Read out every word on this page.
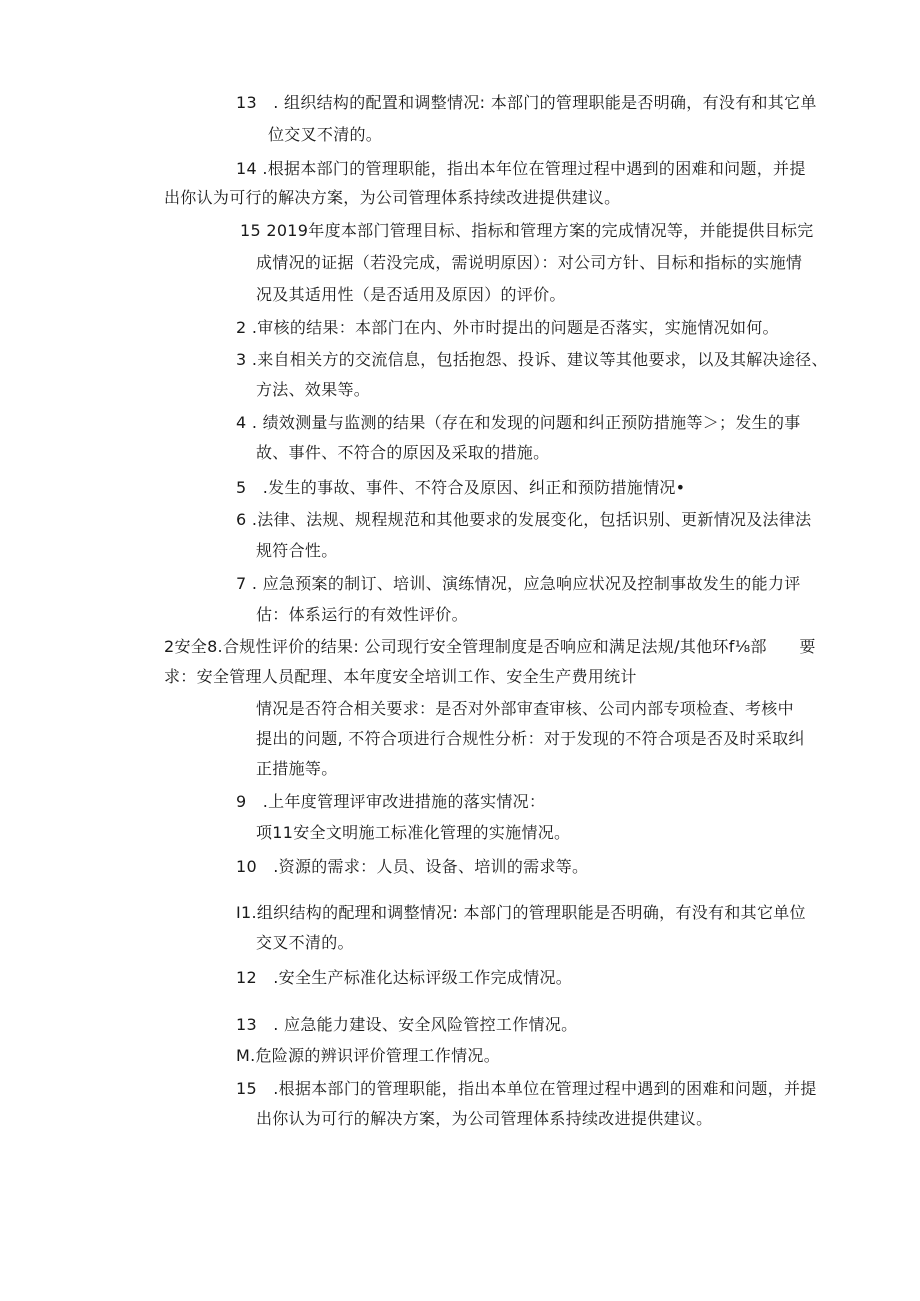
13　. 组织结构的配置和调整情况: 本部门的管理职能是否明确，有没有和其它单
位交叉不清的。
14 .根据本部门的管理职能，指出本年位在管理过程中遇到的困难和问题，并提
出你认为可行的解决方案，为公司管理体系持续改进提供建议。
15 2019年度本部门管理目标、指标和管理方案的完成情况等，并能提供目标完
成情况的证据（若没完成，需说明原因）：对公司方针、目标和指标的实施情
况及其适用性（是否适用及原因）的评价。
2 .审核的结果：本部门在内、外市时提出的问题是否落实，实施情况如何。
3 .来自相关方的交流信息，包括抱怨、投诉、建议等其他要求，以及其解决途径、
方法、效果等。
4 . 绩效测量与监测的结果（存在和发现的问题和纠正预防措施等＞；发生的事
故、事件、不符合的原因及采取的措施。
5　.发生的事故、事件、不符合及原因、纠正和预防措施情况•
6 .法律、法规、规程规范和其他要求的发展变化，包括识别、更新情况及法律法
规符合性。
7 . 应急预案的制订、培训、演练情况，应急响应状况及控制事故发生的能力评
估：体系运行的有效性评价。
2安全8.合规性评价的结果: 公司现行安全管理制度是否响应和满足法规/其他环f⅛部　　要
求：安全管理人员配理、本年度安全培训工作、安全生产费用统计
情况是否符合相关要求：是否对外部审查审核、公司内部专项检查、考核中
提出的问题, 不符合项进行合规性分析：对于发现的不符合项是否及时采取纠
正措施等。
9　.上年度管理评审改进措施的落实情况：
项11安全文明施工标准化管理的实施情况。
10　.资源的需求：人员、设备、培训的需求等。
I1.组织结构的配理和调整情况: 本部门的管理职能是否明确，有没有和其它单位
交叉不清的。
12　.安全生产标准化达标评级工作完成情况。
13　. 应急能力建设、安全风险管控工作情况。
M.危险源的辨识评价管理工作情况。
15　.根据本部门的管理职能，指出本单位在管理过程中遇到的困难和问题，并提
出你认为可行的解决方案，为公司管理体系持续改进提供建议。
